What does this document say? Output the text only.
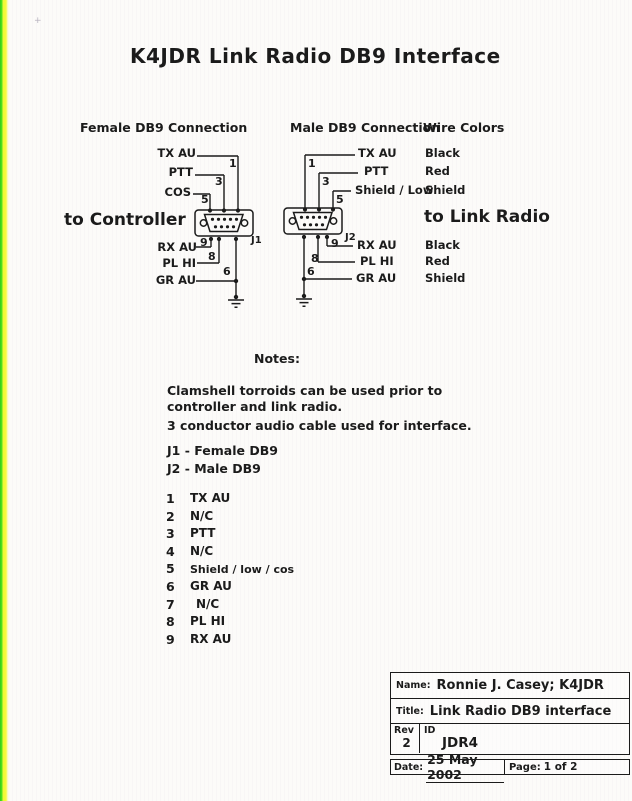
+
K4JDR Link Radio DB9 Interface
Female DB9 Connection	Male DB9 Connection
Wire Colors
TX AU
PTT
COS
RX AU
PL HI
GR AU
1
3
5
9
8
6
to Controller
J1
TX AU
PTT
Shield / Low
RX AU
PL HI
GR AU
Black
Red
Shield
Black
Red
Shield
1
3
5
9
8
6
to Link Radio
J2
Notes:
Clamshell torroids can be used prior to
controller and link radio.
3 conductor audio cable used for interface.
J1 - Female DB9
J2 - Male DB9
1	TX AU
2	N/C
3	PTT
4	N/C
5	Shield / low / cos
6	GR AU
7	N/C
8	PL HI
9	RX AU
Name: Ronnie J. Casey; K4JDR
Title: Link Radio DB9 interface
Rev
2
ID
JDR4
Date:
25 May 2002	Page: 1 of 2
